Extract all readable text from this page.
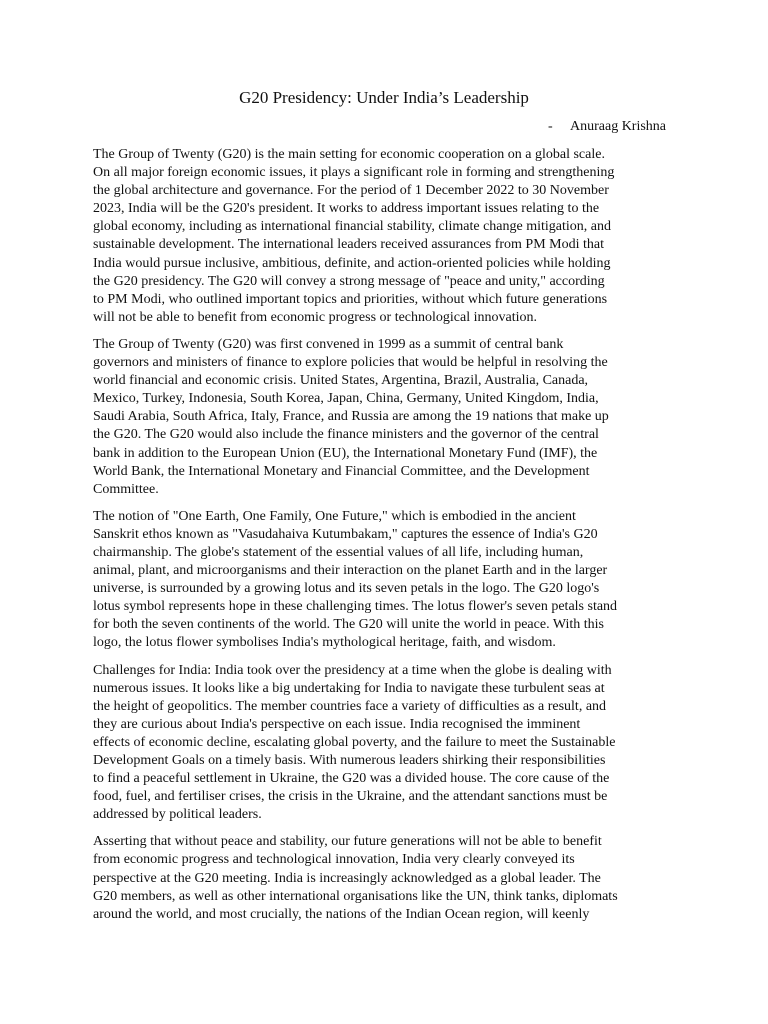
G20 Presidency: Under India’s Leadership
- Anuraag Krishna
The Group of Twenty (G20) is the main setting for economic cooperation on a global scale.
On all major foreign economic issues, it plays a significant role in forming and strengthening
the global architecture and governance. For the period of 1 December 2022 to 30 November
2023, India will be the G20's president. It works to address important issues relating to the
global economy, including as international financial stability, climate change mitigation, and
sustainable development. The international leaders received assurances from PM Modi that
India would pursue inclusive, ambitious, definite, and action-oriented policies while holding
the G20 presidency. The G20 will convey a strong message of "peace and unity," according
to PM Modi, who outlined important topics and priorities, without which future generations
will not be able to benefit from economic progress or technological innovation.
The Group of Twenty (G20) was first convened in 1999 as a summit of central bank
governors and ministers of finance to explore policies that would be helpful in resolving the
world financial and economic crisis. United States, Argentina, Brazil, Australia, Canada,
Mexico, Turkey, Indonesia, South Korea, Japan, China, Germany, United Kingdom, India,
Saudi Arabia, South Africa, Italy, France, and Russia are among the 19 nations that make up
the G20. The G20 would also include the finance ministers and the governor of the central
bank in addition to the European Union (EU), the International Monetary Fund (IMF), the
World Bank, the International Monetary and Financial Committee, and the Development
Committee.
The notion of "One Earth, One Family, One Future," which is embodied in the ancient
Sanskrit ethos known as "Vasudahaiva Kutumbakam," captures the essence of India's G20
chairmanship. The globe's statement of the essential values of all life, including human,
animal, plant, and microorganisms and their interaction on the planet Earth and in the larger
universe, is surrounded by a growing lotus and its seven petals in the logo. The G20 logo's
lotus symbol represents hope in these challenging times. The lotus flower's seven petals stand
for both the seven continents of the world. The G20 will unite the world in peace. With this
logo, the lotus flower symbolises India's mythological heritage, faith, and wisdom.
Challenges for India: India took over the presidency at a time when the globe is dealing with
numerous issues. It looks like a big undertaking for India to navigate these turbulent seas at
the height of geopolitics. The member countries face a variety of difficulties as a result, and
they are curious about India's perspective on each issue. India recognised the imminent
effects of economic decline, escalating global poverty, and the failure to meet the Sustainable
Development Goals on a timely basis. With numerous leaders shirking their responsibilities
to find a peaceful settlement in Ukraine, the G20 was a divided house. The core cause of the
food, fuel, and fertiliser crises, the crisis in the Ukraine, and the attendant sanctions must be
addressed by political leaders.
Asserting that without peace and stability, our future generations will not be able to benefit
from economic progress and technological innovation, India very clearly conveyed its
perspective at the G20 meeting. India is increasingly acknowledged as a global leader. The
G20 members, as well as other international organisations like the UN, think tanks, diplomats
around the world, and most crucially, the nations of the Indian Ocean region, will keenly
